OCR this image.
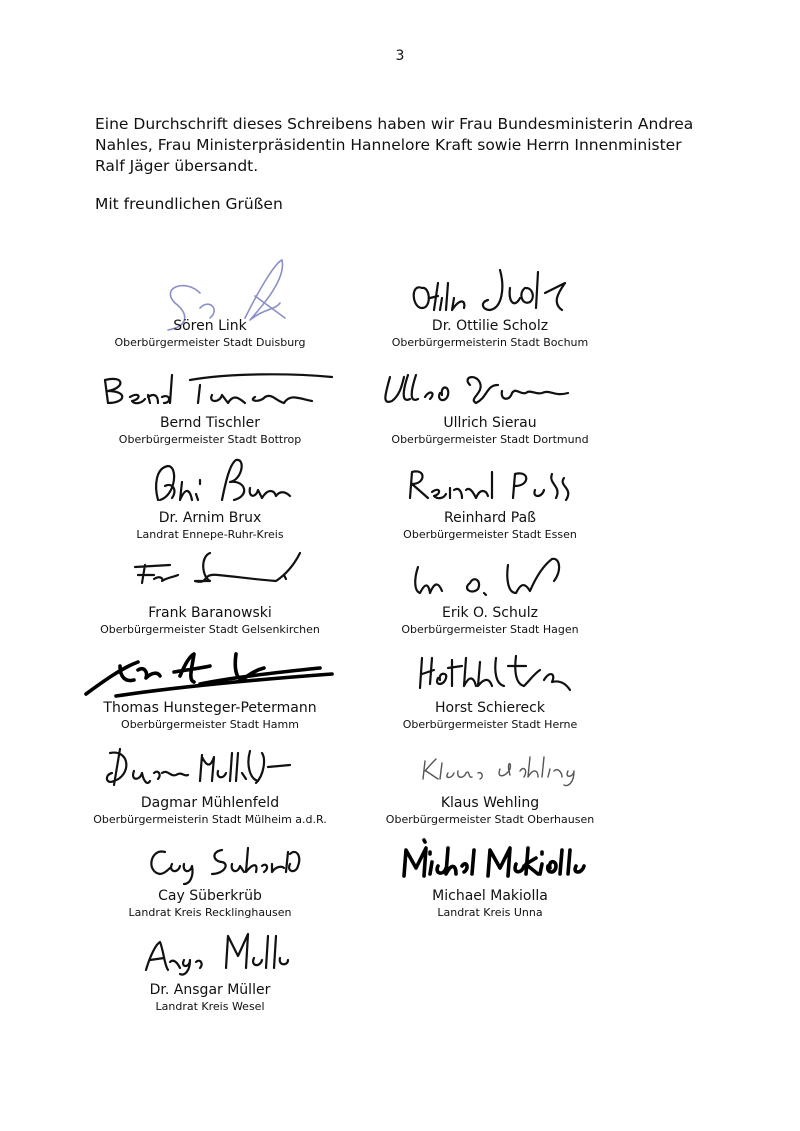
3

Eine Durchschrift dieses Schreibens haben wir Frau Bundesministerin Andrea Nahles, Frau Ministerpräsidentin Hannelore Kraft sowie Herrn Innenminister Ralf Jäger übersandt.

Mit freundlichen Grüßen

Sören Link
Oberbürgermeister Stadt Duisburg
Dr. Ottilie Scholz
Oberbürgermeisterin Stadt Bochum
Bernd Tischler
Oberbürgermeister Stadt Bottrop
Ullrich Sierau
Oberbürgermeister Stadt Dortmund
Dr. Arnim Brux
Landrat Ennepe-Ruhr-Kreis
Reinhard Paß
Oberbürgermeister Stadt Essen
Frank Baranowski
Oberbürgermeister Stadt Gelsenkirchen
Erik O. Schulz
Oberbürgermeister Stadt Hagen
Thomas Hunsteger-Petermann
Oberbürgermeister Stadt Hamm
Horst Schiereck
Oberbürgermeister Stadt Herne
Dagmar Mühlenfeld
Oberbürgermeisterin Stadt Mülheim a.d.R.
Klaus Wehling
Oberbürgermeister Stadt Oberhausen
Cay Süberkrüb
Landrat Kreis Recklinghausen
Michael Makiolla
Landrat Kreis Unna
Dr. Ansgar Müller
Landrat Kreis Wesel
